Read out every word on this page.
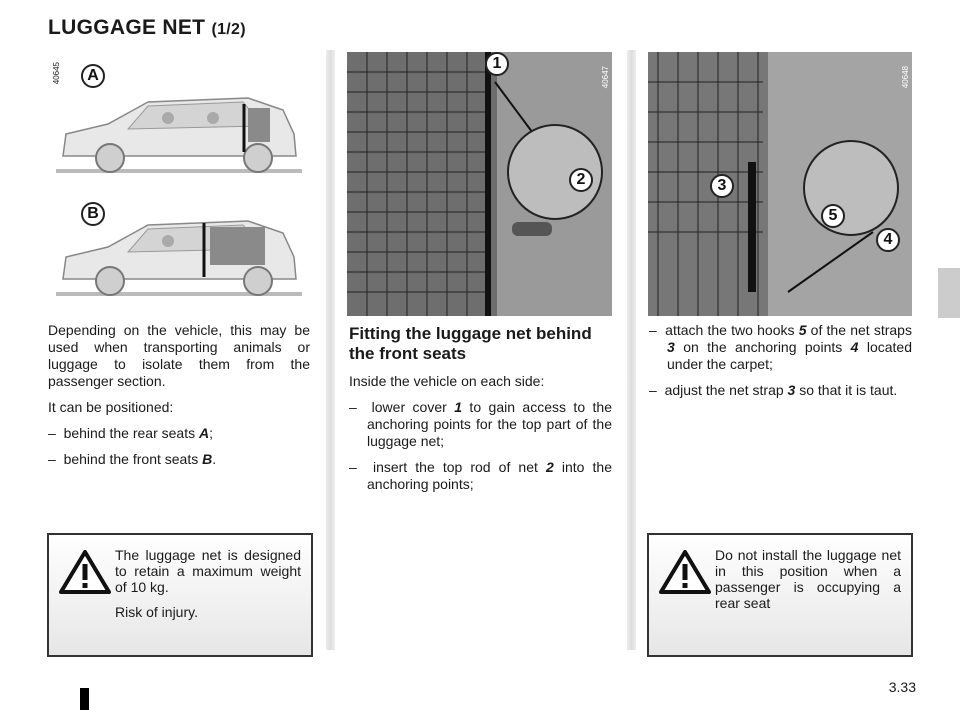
LUGGAGE NET (1/2)
40645	A
B
40647
1
2
40648
3
5
4

Depending on the vehicle, this may be used when transporting animals or luggage to isolate them from the passenger section.

It can be positioned:

–  behind the rear seats A;

–  behind the front seats B.

Fitting the luggage net behind the front seats

Inside the vehicle on each side:

–  lower cover 1 to gain access to the anchoring points for the top part of the luggage net;

–  insert the top rod of net 2 into the anchoring points;

–  attach the two hooks 5 of the net straps 3 on the anchoring points 4 located under the carpet;

–  adjust the net strap 3 so that it is taut.

The luggage net is designed to retain a maximum weight of 10 kg.

Risk of injury.

Do not install the luggage net in this position when a passenger is occupying a rear seat

3.33
